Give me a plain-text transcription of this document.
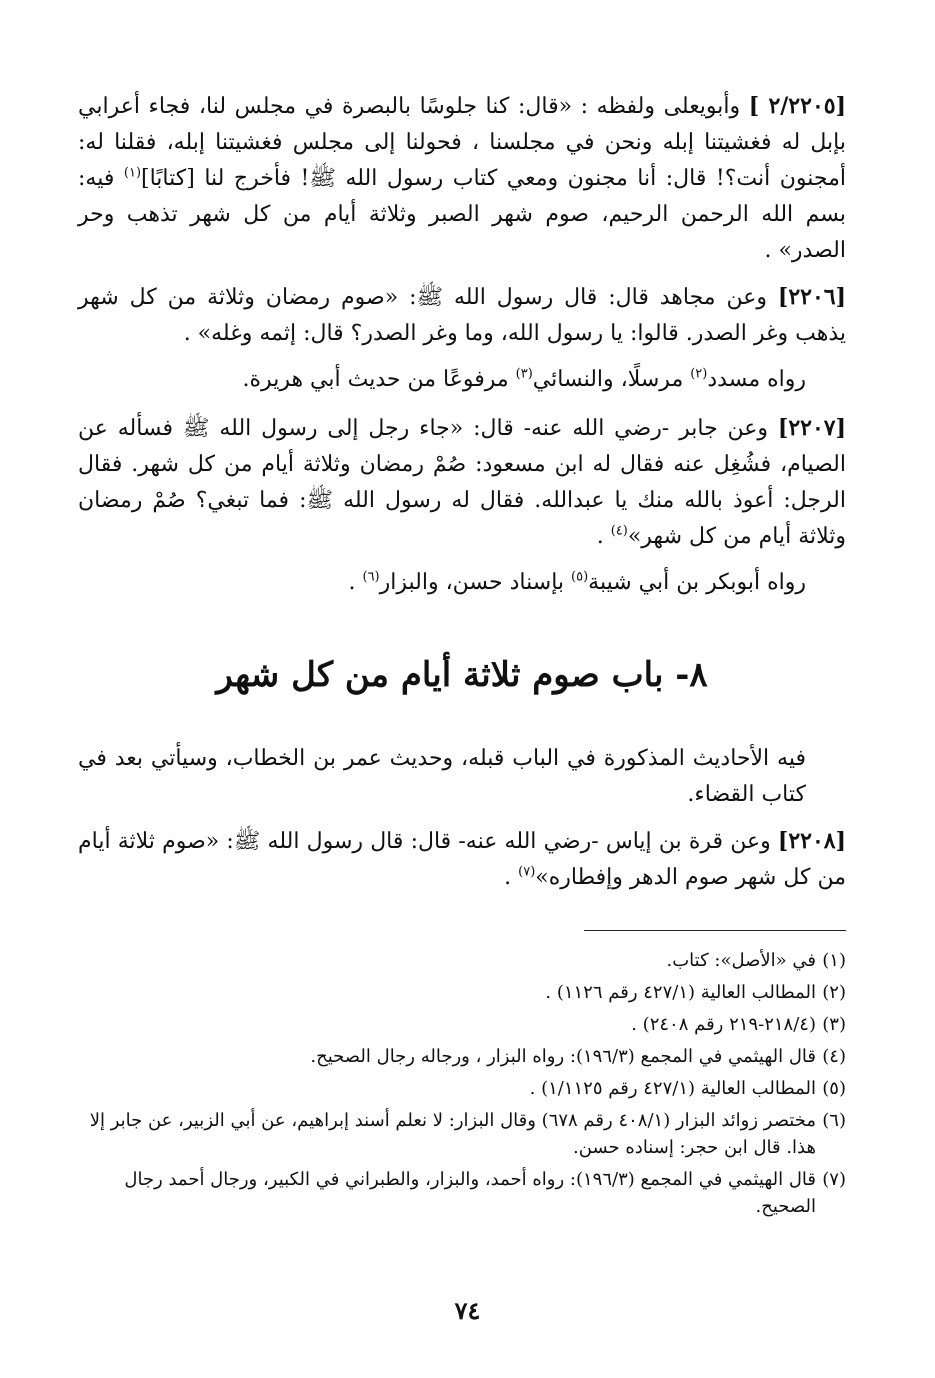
[٢/٢٢٠٥ ] وأبويعلى ولفظه : «قال: كنا جلوسًا بالبصرة في مجلس لنا، فجاء أعرابي بإبل له فغشيتنا إبله ونحن في مجلسنا ، فحولنا إلى مجلس فغشيتنا إبله، فقلنا له: أمجنون أنت؟! قال: أنا مجنون ومعي كتاب رسول الله ﷺ! فأخرج لنا [كتابًا]$^{(١)}$ فيه: بسم الله الرحمن الرحيم، صوم شهر الصبر وثلاثة أيام من كل شهر تذهب وحر الصدر» .

[٢٢٠٦] وعن مجاهد قال: قال رسول الله ﷺ: «صوم رمضان وثلاثة من كل شهر يذهب وغر الصدر. قالوا: يا رسول الله، وما وغر الصدر؟ قال: إثمه وغله» .

رواه مسدد$^{(٢)}$ مرسلًا، والنسائي$^{(٣)}$ مرفوعًا من حديث أبي هريرة.

[٢٢٠٧] وعن جابر -رضي الله عنه- قال: «جاء رجل إلى رسول الله ﷺ فسأله عن الصيام، فشُغِل عنه فقال له ابن مسعود: صُمْ رمضان وثلاثة أيام من كل شهر. فقال الرجل: أعوذ بالله منك يا عبدالله. فقال له رسول الله ﷺ: فما تبغي؟ صُمْ رمضان وثلاثة أيام من كل شهر»$^{(٤)}$ .

رواه أبوبكر بن أبي شيبة$^{(٥)}$ بإسناد حسن، والبزار$^{(٦)}$ .

٨- باب صوم ثلاثة أيام من كل شهر

فيه الأحاديث المذكورة في الباب قبله، وحديث عمر بن الخطاب، وسيأتي بعد في كتاب القضاء.

[٢٢٠٨] وعن قرة بن إياس -رضي الله عنه- قال: قال رسول الله ﷺ: «صوم ثلاثة أيام من كل شهر صوم الدهر وإفطاره»$^{(٧)}$ .

(١)في «الأصل»: كتاب.

(٢)المطالب العالية (٤٢٧/١ رقم ١١٢٦) .

(٣)(٢١٨/٤-٢١٩ رقم ٢٤٠٨) .

(٤)قال الهيثمي في المجمع (١٩٦/٣): رواه البزار ، ورجاله رجال الصحيح.

(٥)المطالب العالية (٤٢٧/١ رقم ١/١١٢٥) .

(٦)مختصر زوائد البزار (٤٠٨/١ رقم ٦٧٨) وقال البزار: لا نعلم أسند إبراهيم، عن أبي الزبير، عن جابر إلا هذا. قال ابن حجر: إسناده حسن.

(٧)قال الهيثمي في المجمع (١٩٦/٣): رواه أحمد، والبزار، والطبراني في الكبير، ورجال أحمد رجال الصحيح.

٧٤
